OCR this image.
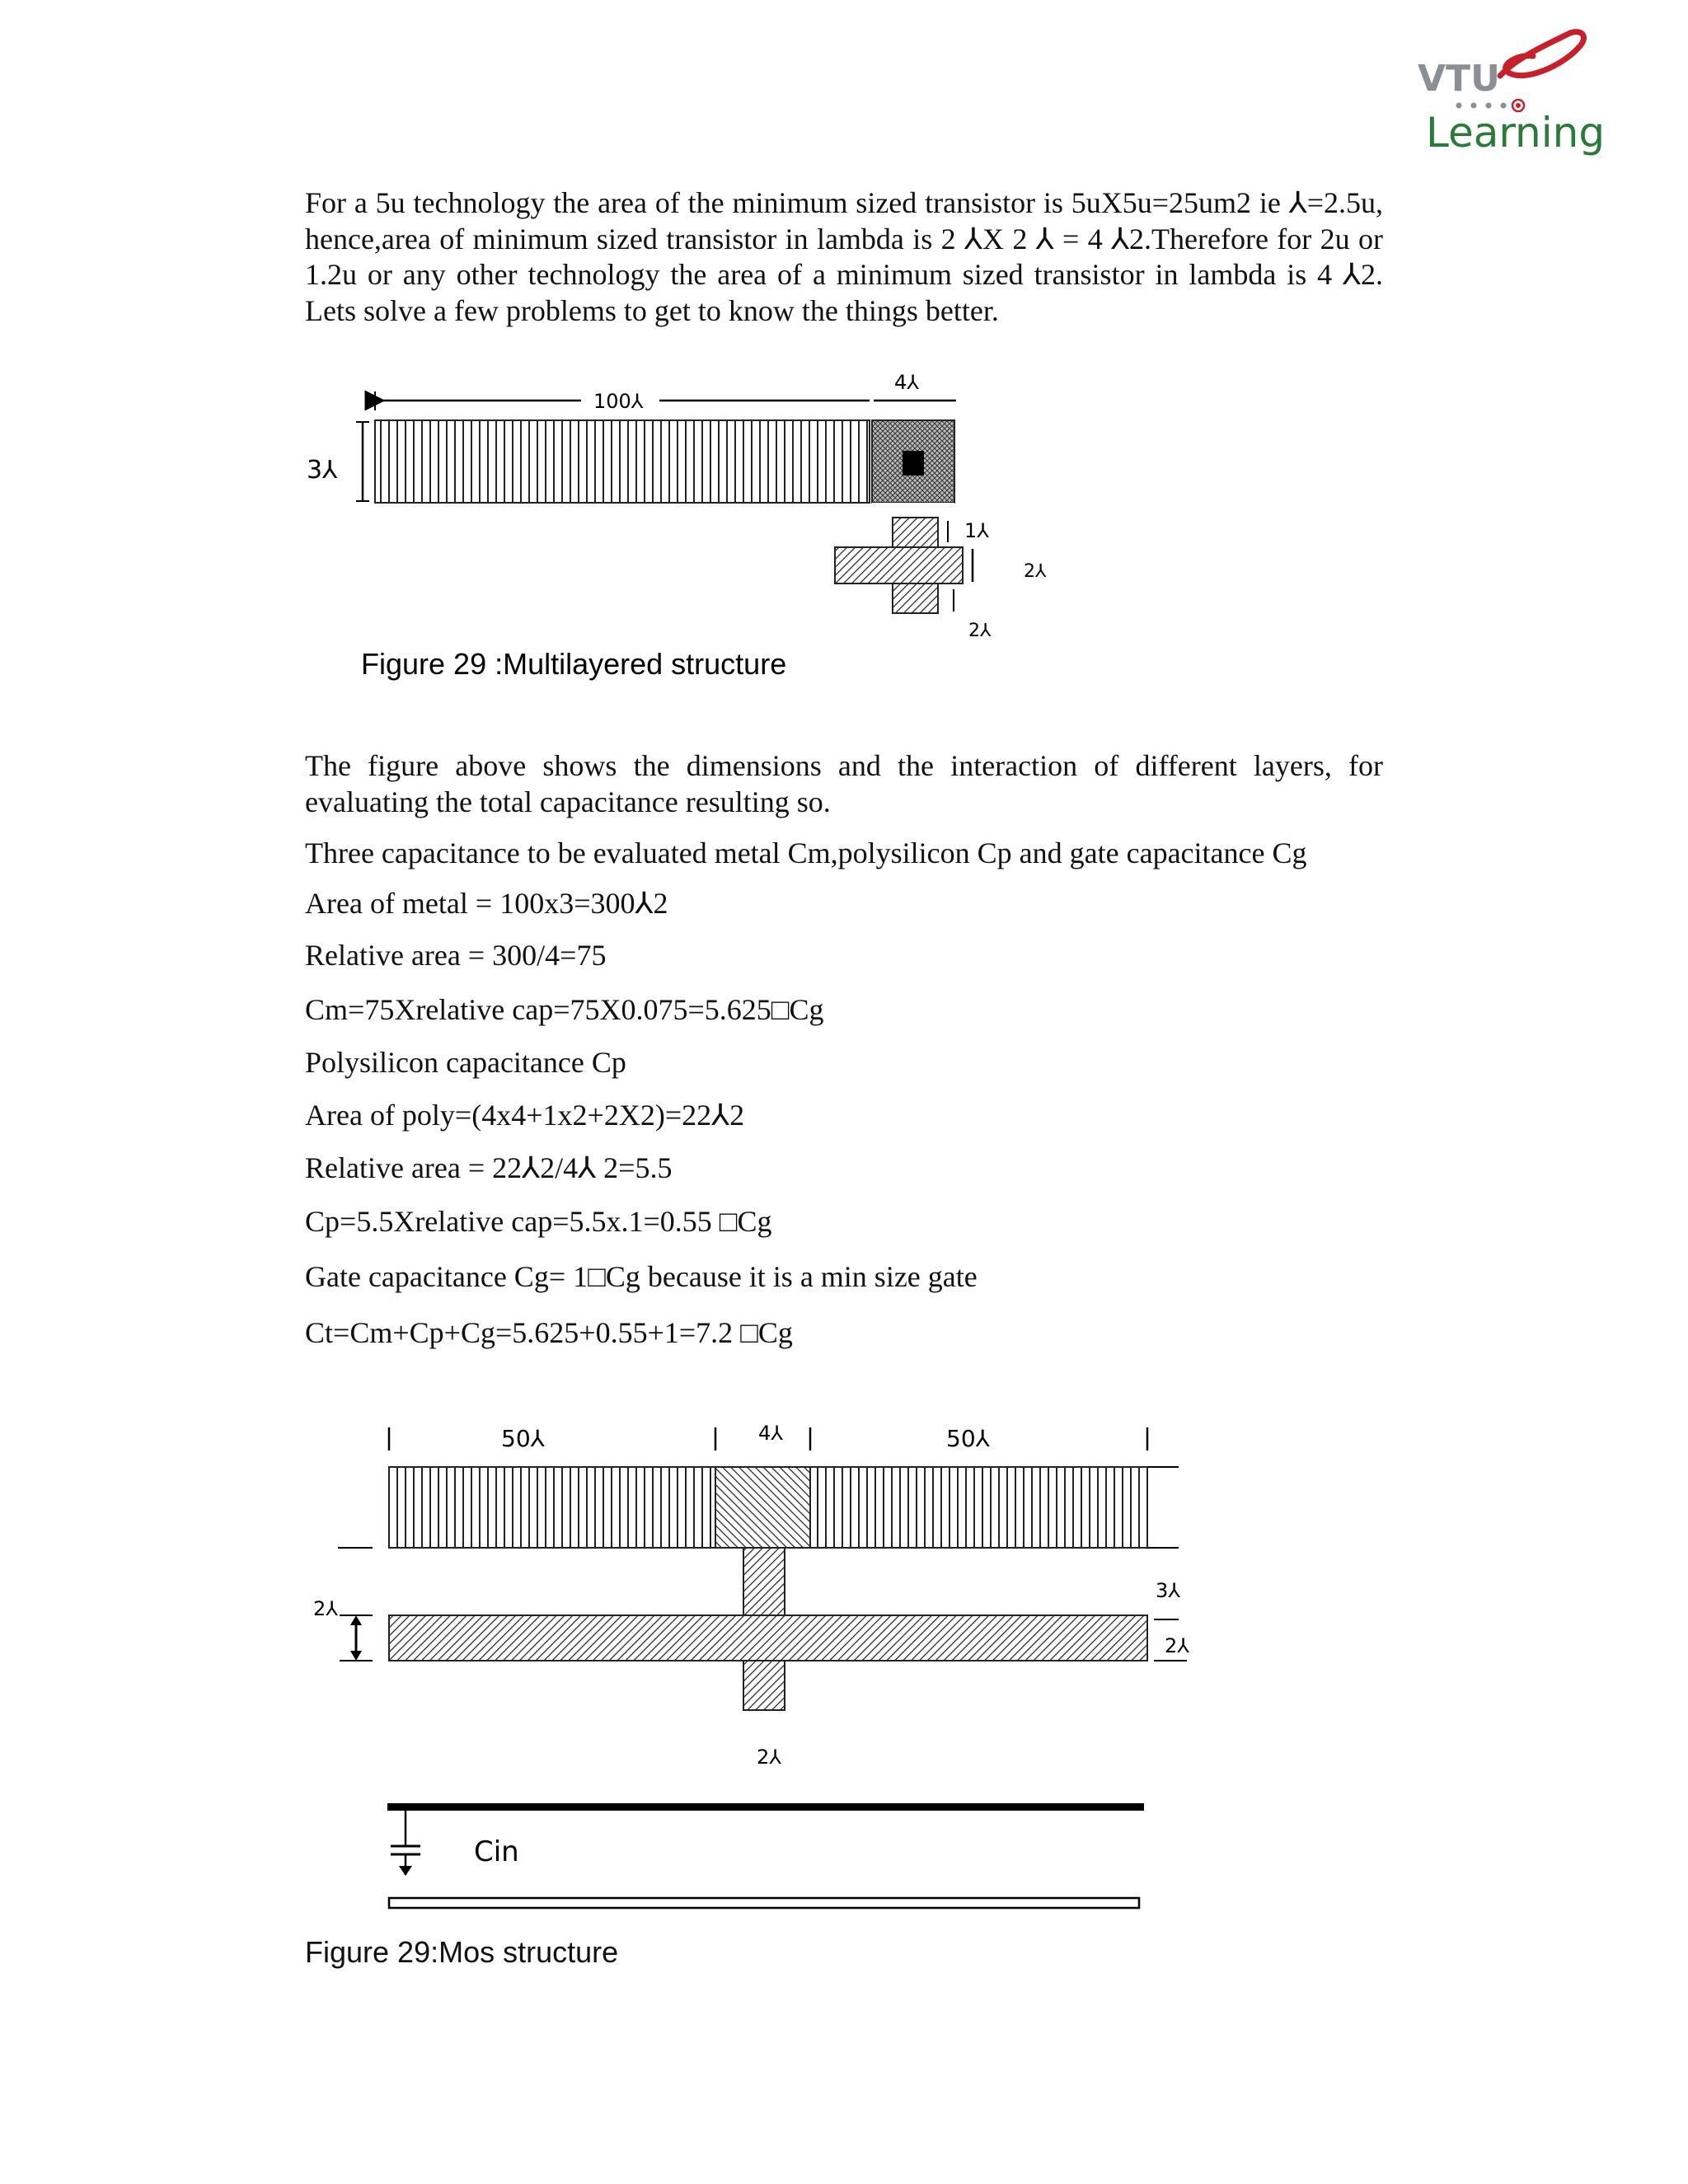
VTU
Learning

For a 5u technology the area of the minimum sized transistor is 5uX5u=25um2 ie ⅄=2.5u, hence,area of minimum sized transistor in lambda is 2 ⅄X 2 ⅄ = 4 ⅄2.Therefore for 2u or 1.2u or any other technology the area of a minimum sized transistor in lambda is 4 ⅄2. Lets solve a few problems to get to know the things better.

100⅄
4⅄
3⅄
1⅄
2⅄
2⅄
Figure 29 :Multilayered structure

The figure above shows the dimensions and the interaction of different layers, for evaluating the total capacitance resulting so.

Three capacitance to be evaluated metal Cm,polysilicon Cp and gate capacitance Cg

Area of metal = 100x3=300⅄2

Relative area = 300/4=75

Cm=75Xrelative cap=75X0.075=5.625□Cg

Polysilicon capacitance Cp

Area of poly=(4x4+1x2+2X2)=22⅄2

Relative area = 22⅄2/4⅄ 2=5.5

Cp=5.5Xrelative cap=5.5x.1=0.55 □Cg

Gate capacitance Cg= 1□Cg because it is a min size gate

Ct=Cm+Cp+Cg=5.625+0.55+1=7.2 □Cg

50⅄	4⅄	50⅄
3⅄
2⅄
2⅄
2⅄
Cin
Figure 29:Mos structure
